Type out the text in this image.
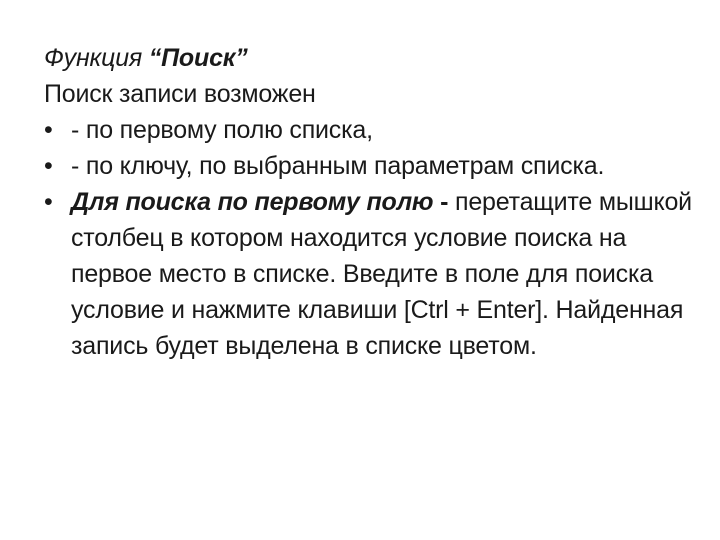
Функция “Поиск”

Поиск записи возможен

• - по первому полю списка,
• - по ключу, по выбранным параметрам списка.
• Для поиска по первому полю - перетащите мышкой столбец в котором находится условие поиска на первое место в списке. Введите в поле для поиска условие и нажмите клавиши [Ctrl + Enter]. Найденная запись будет выделена в списке цветом.
